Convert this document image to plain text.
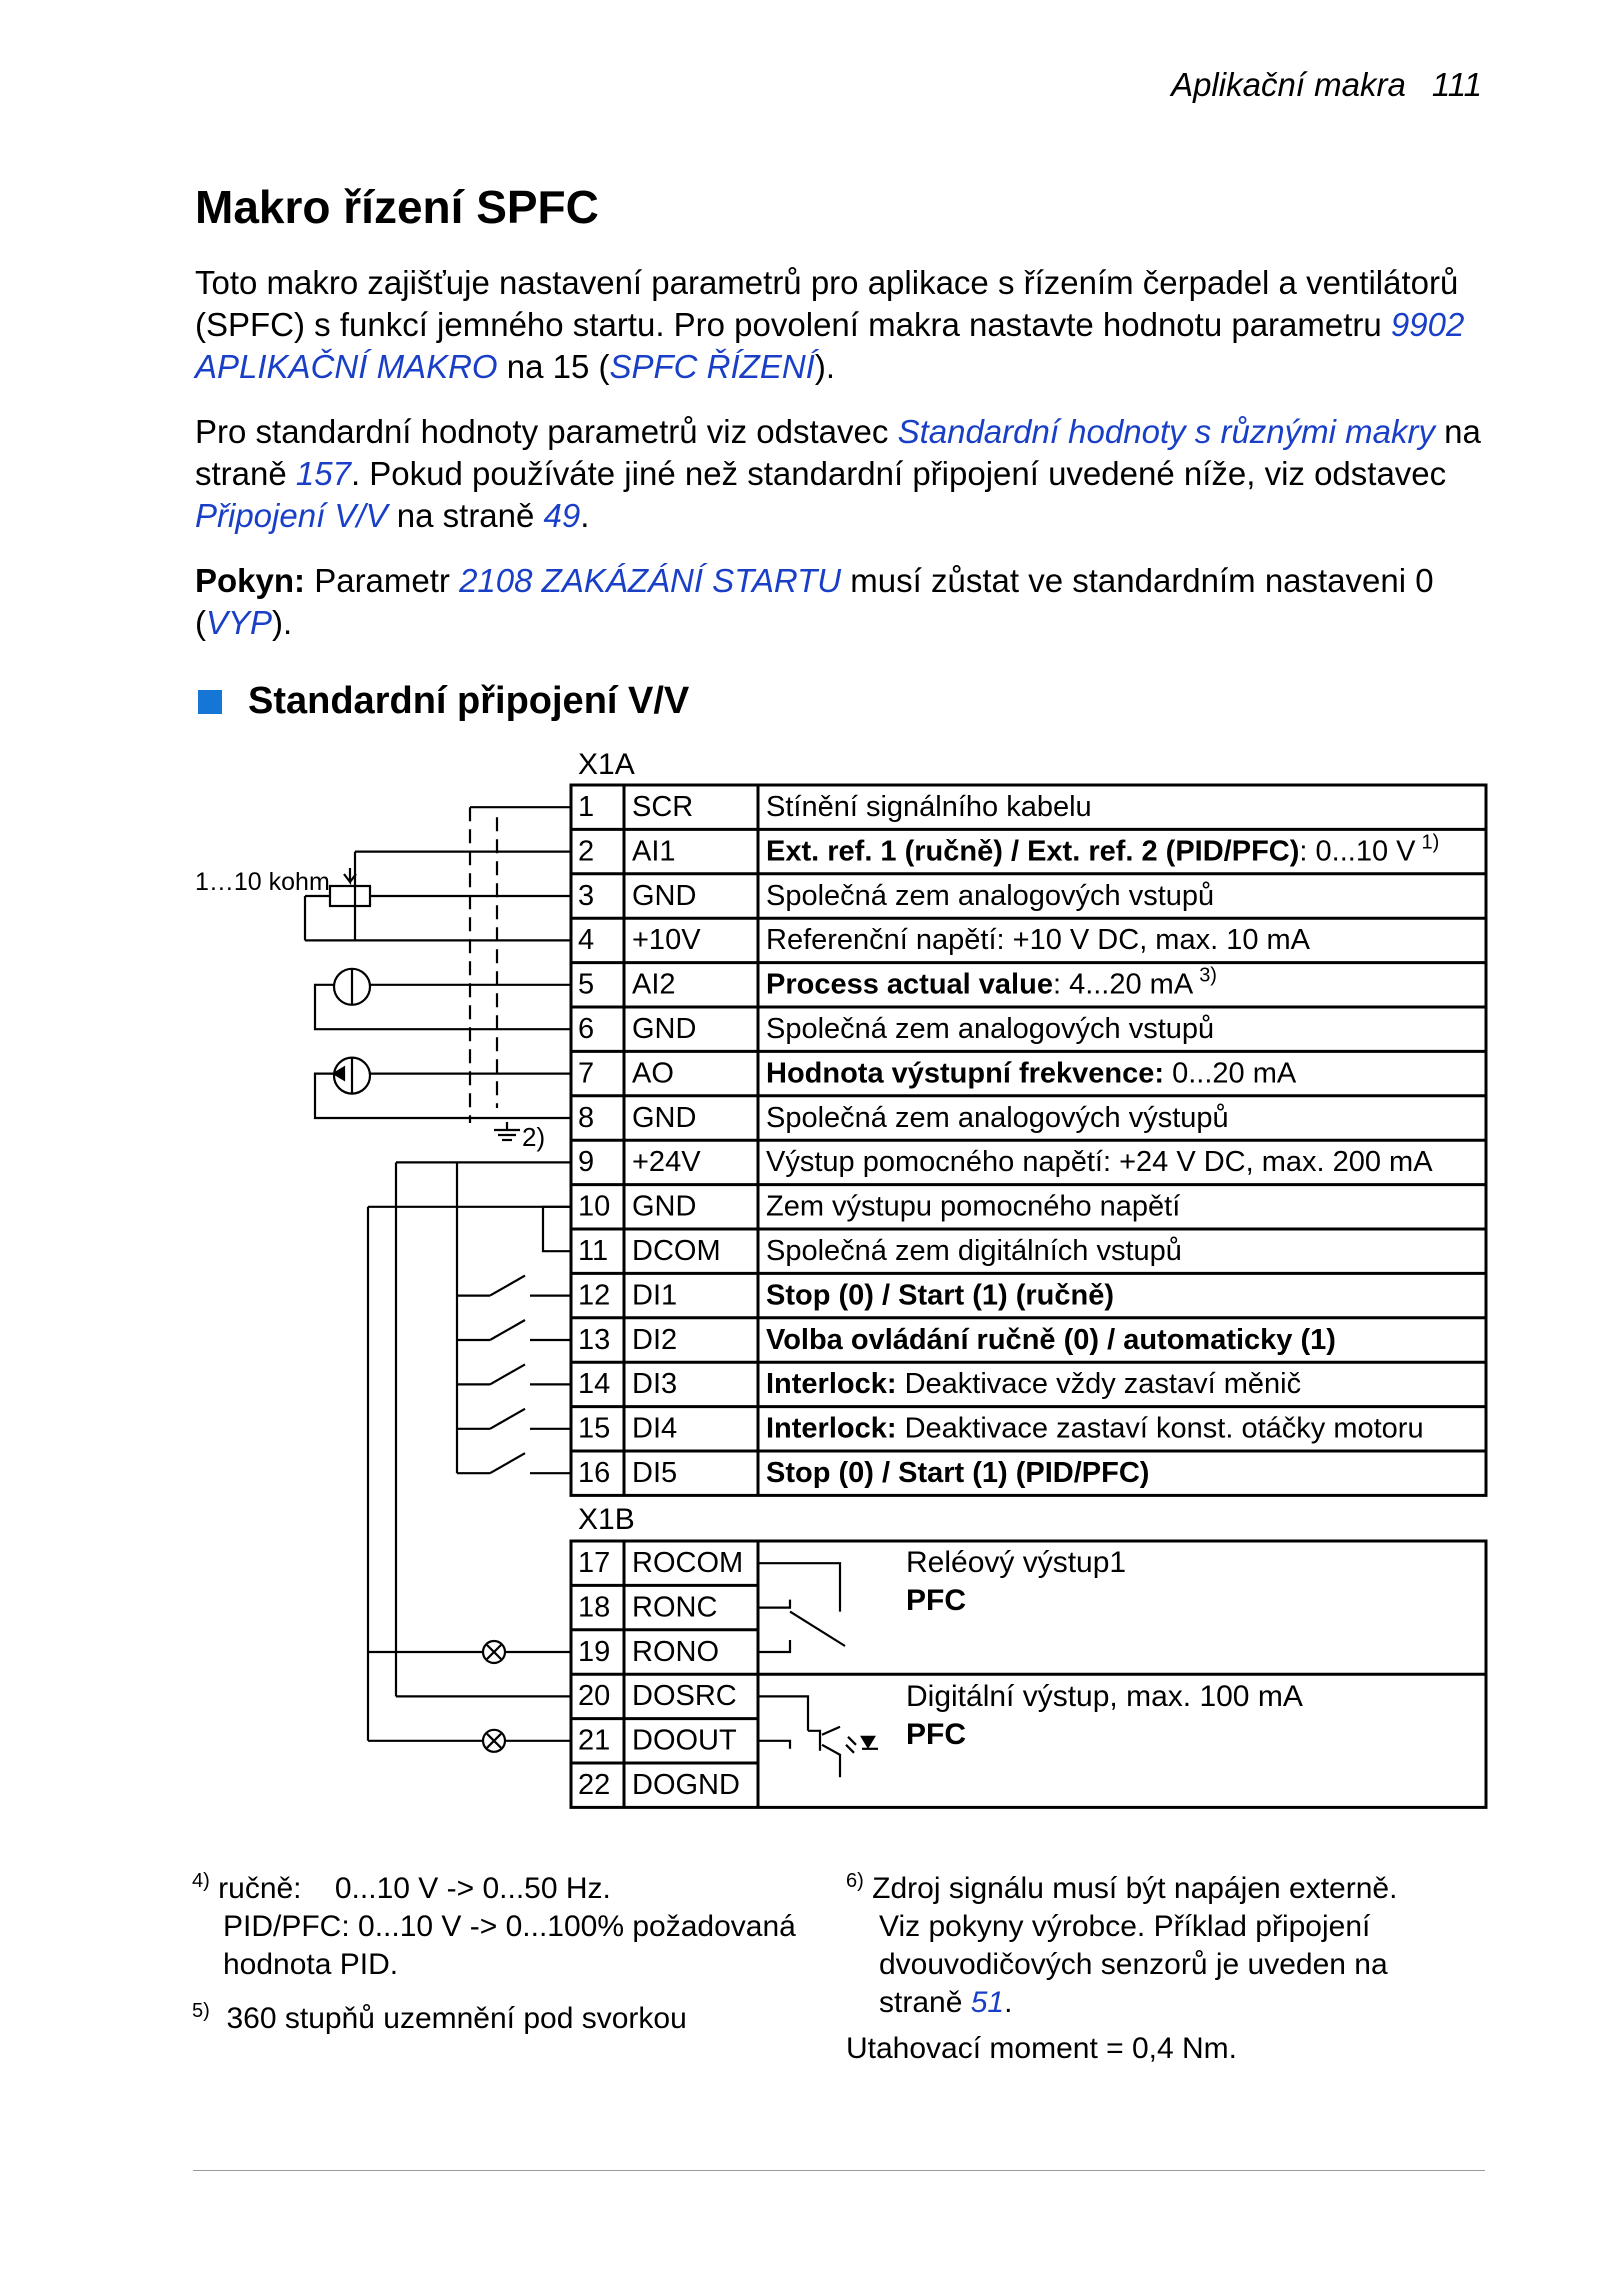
Aplikační makra 111
Makro řízení SPFC

Toto makro zajišťuje nastavení parametrů pro aplikace s řízením čerpadel a ventilátorů (SPFC) s funkcí jemného startu. Pro povolení makra nastavte hodnotu parametru 9902 APLIKAČNÍ MAKRO na 15 (SPFC ŘÍZENÍ).

Pro standardní hodnoty parametrů viz odstavec Standardní hodnoty s různými makry na straně 157. Pokud používáte jiné než standardní připojení uvedené níže, viz odstavec Připojení V/V na straně 49.

Pokyn: Parametr 2108 ZAKÁZÁNÍ STARTU musí zůstat ve standardním nastaveni 0 (VYP).

Standardní připojení V/V
1 SCR	Stínění signálního kabelu
2 AI1	Ext. ref. 1 (ručně) / Ext. ref. 2 (PID/PFC): 0...10 V $^{1)}$
3 GND Společná zem analogových vstupů
4 +10V Referenční napětí: +10 V DC, max. 10 mA
5 AI2	Process actual value: 4...20 mA $^{3)}$
6 GND Společná zem analogových vstupů
7 AO	Hodnota výstupní frekvence: 0...20 mA
8 GND Společná zem analogových výstupů
9 +24V Výstup pomocného napětí: +24 V DC, max. 200 mA
10 GND Zem výstupu pomocného napětí
11 DCOM Společná zem digitálních vstupů
12 DI1	Stop (0) / Start (1) (ručně)
13 DI2	Volba ovládání ručně (0) / automaticky (1)
14 DI3	Interlock: Deaktivace vždy zastaví měnič
15 DI4	Interlock: Deaktivace zastaví konst. otáčky motoru
16 DI5	Stop (0) / Start (1) (PID/PFC)
17 ROCOM
18 RONC
19 RONO
20 DOSRC
21 DOOUT
22 DOGND
X1A
X1B
1…10 kohm
2)
Reléový výstup1
PFC
Digitální výstup, max. 100 mA
PFC
$^{4)}$ ručně: 0...10 V -> 0...50 Hz.
PID/PFC: 0...10 V -> 0...100% požadovaná
hodnota PID.
$^{5)}$ 360 stupňů uzemnění pod svorkou
$^{6)}$ Zdroj signálu musí být napájen externě.
Viz pokyny výrobce. Příklad připojení
dvouvodičových senzorů je uveden na
straně 51.
Utahovací moment = 0,4 Nm.
